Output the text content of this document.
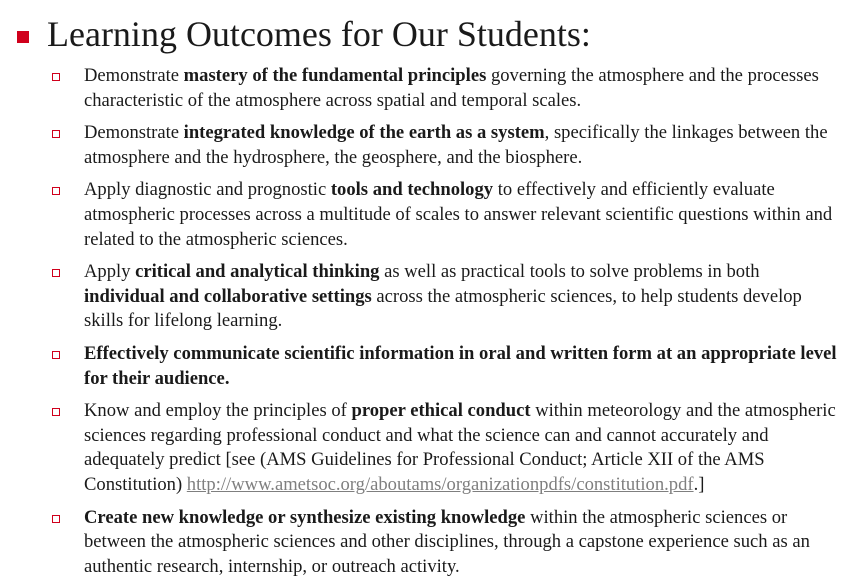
Learning Outcomes for Our Students:
Demonstrate mastery of the fundamental principles governing the atmosphere and the processes characteristic of the atmosphere across spatial and temporal scales.
Demonstrate integrated knowledge of the earth as a system, specifically the linkages between the atmosphere and the hydrosphere, the geosphere, and the biosphere.
Apply diagnostic and prognostic tools and technology to effectively and efficiently evaluate atmospheric processes across a multitude of scales to answer relevant scientific questions within and related to the atmospheric sciences.
Apply critical and analytical thinking as well as practical tools to solve problems in both individual and collaborative settings across the atmospheric sciences, to help students develop skills for lifelong learning.
Effectively communicate scientific information in oral and written form at an appropriate level for their audience.
Know and employ the principles of proper ethical conduct within meteorology and the atmospheric sciences regarding professional conduct and what the science can and cannot accurately and adequately predict [see (AMS Guidelines for Professional Conduct; Article XII of the AMS Constitution) http://www.ametsoc.org/aboutams/organizationpdfs/constitution.pdf.]
Create new knowledge or synthesize existing knowledge within the atmospheric sciences or between the atmospheric sciences and other disciplines, through a capstone experience such as an authentic research, internship, or outreach activity.
